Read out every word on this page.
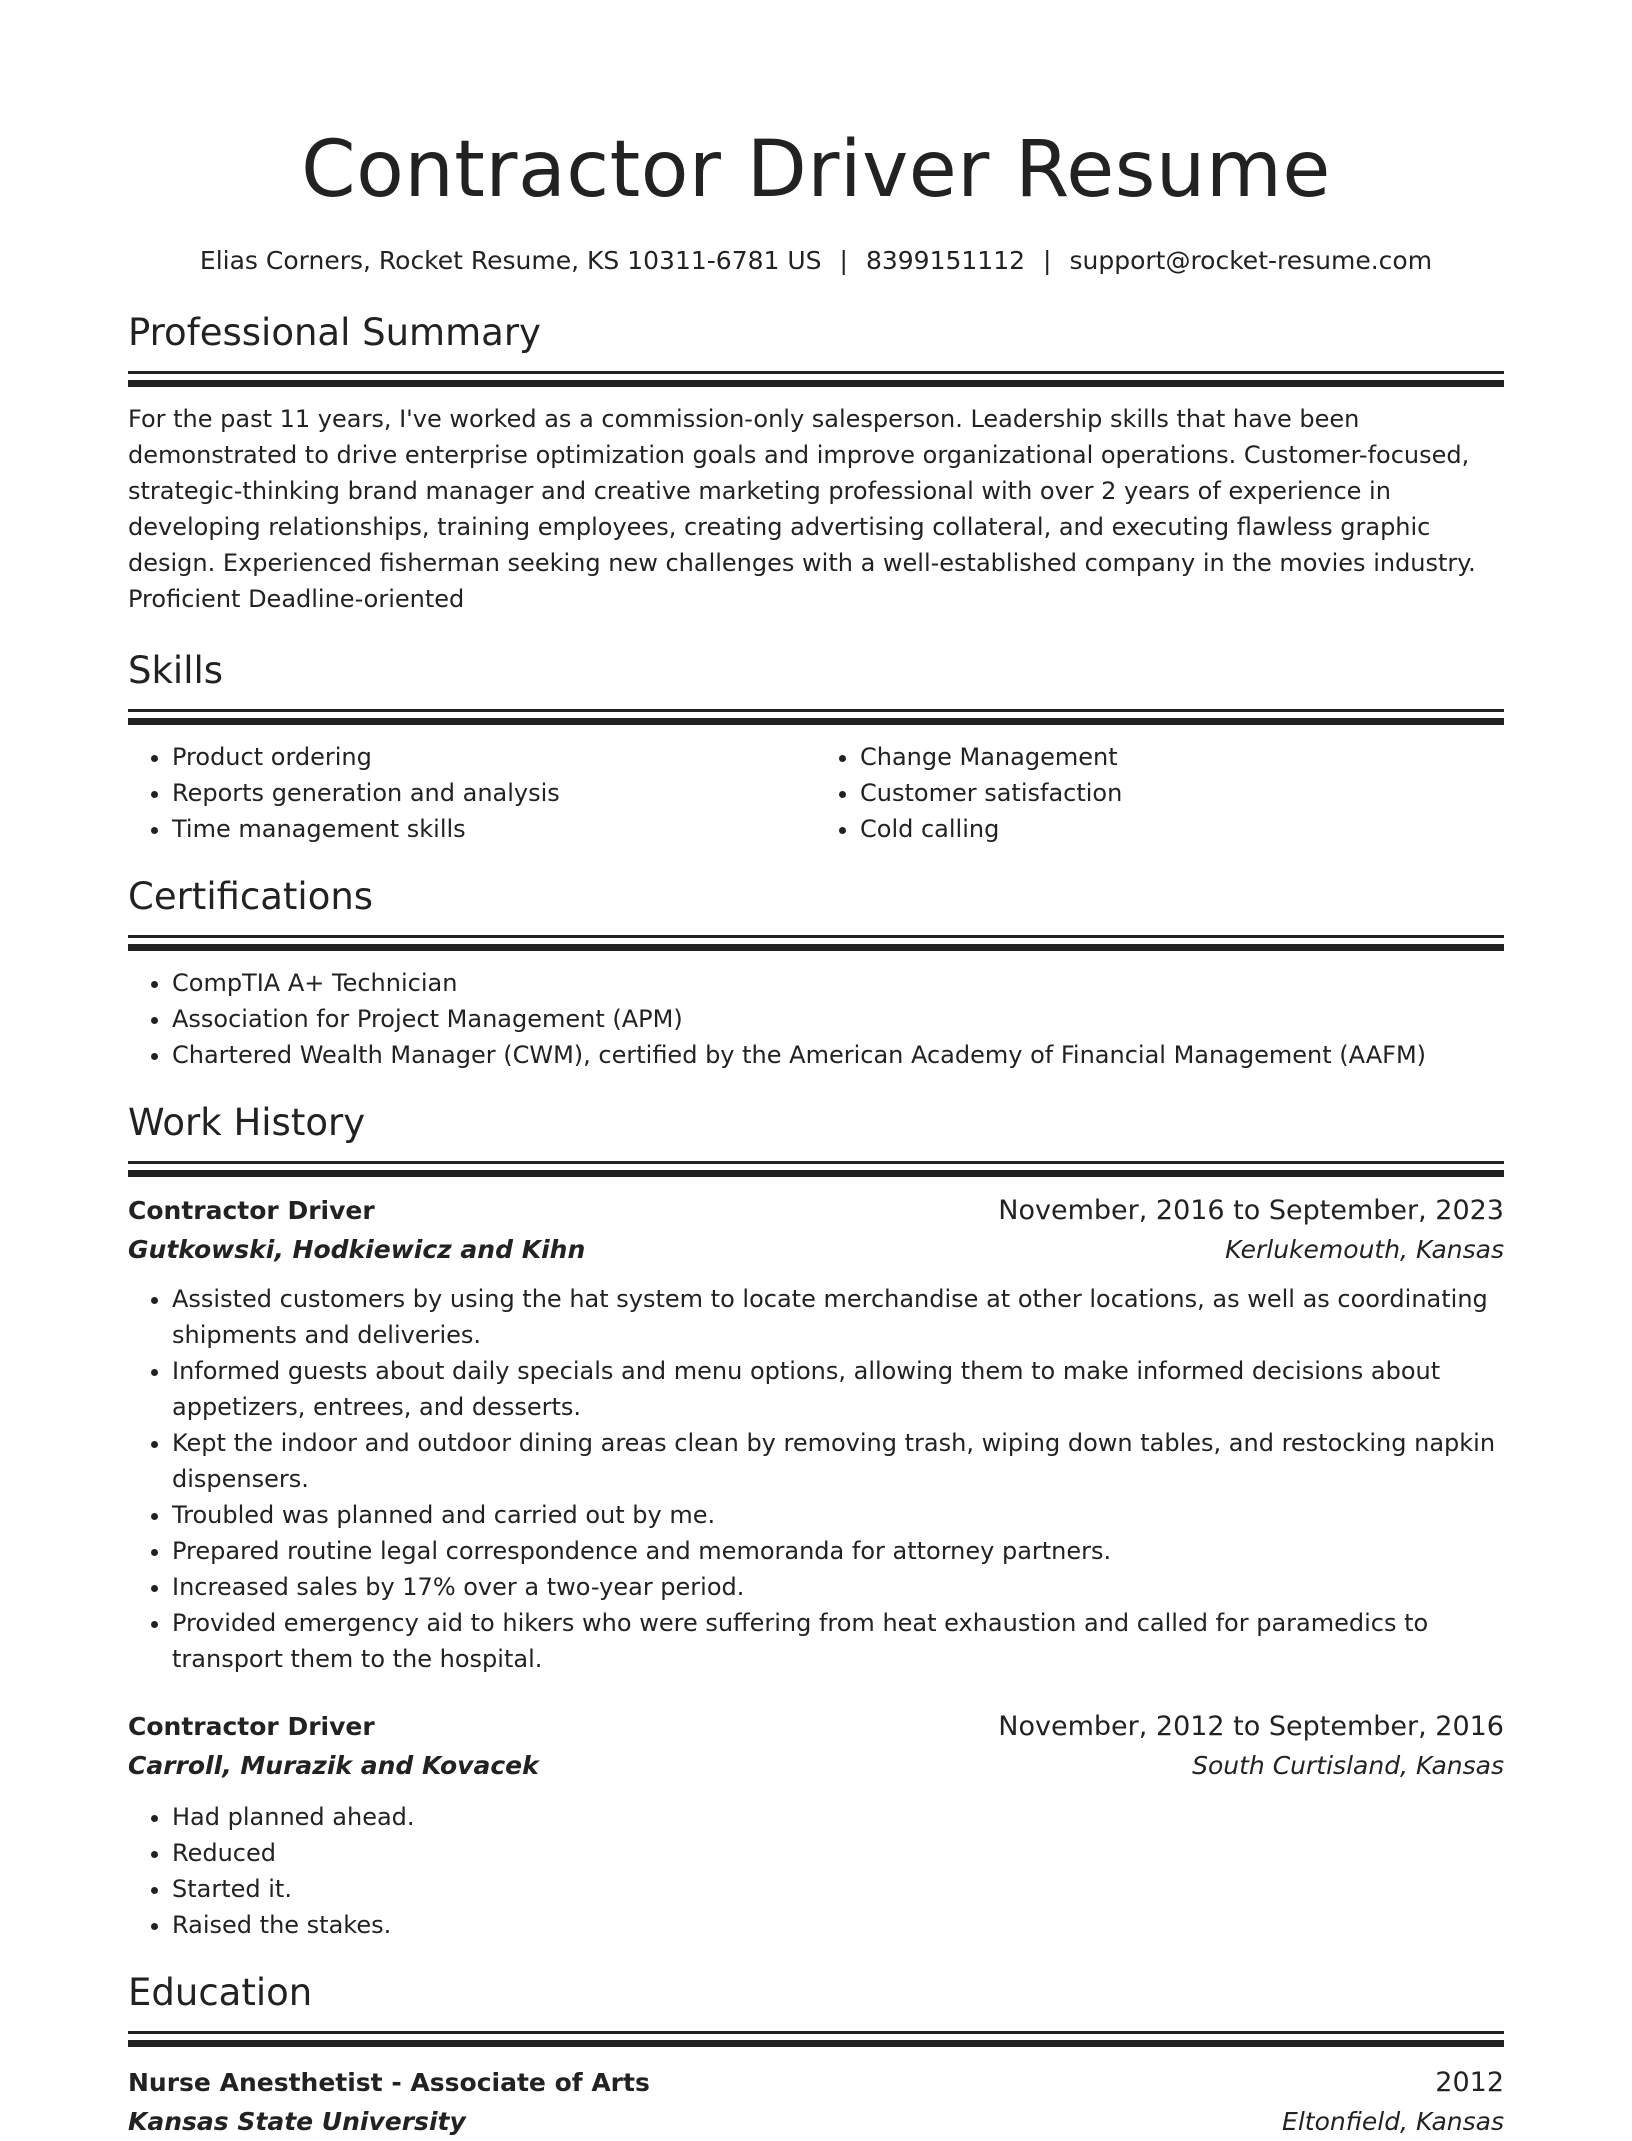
Contractor Driver Resume
Elias Corners, Rocket Resume, KS 10311-6781 US | 8399151112 | support@rocket-resume.com
Professional Summary
For the past 11 years, I've worked as a commission-only salesperson. Leadership skills that have been demonstrated to drive enterprise optimization goals and improve organizational operations. Customer-focused, strategic-thinking brand manager and creative marketing professional with over 2 years of experience in developing relationships, training employees, creating advertising collateral, and executing flawless graphic design. Experienced fisherman seeking new challenges with a well-established company in the movies industry. Proficient Deadline-oriented
Skills
• Product ordering
• Reports generation and analysis
• Time management skills
• Change Management
• Customer satisfaction
• Cold calling
Certifications
• CompTIA A+ Technician
• Association for Project Management (APM)
• Chartered Wealth Manager (CWM), certified by the American Academy of Financial Management (AAFM)
Work History
Contractor Driver	November, 2016 to September, 2023
Gutkowski, Hodkiewicz and Kihn	Kerlukemouth, Kansas
• Assisted customers by using the hat system to locate merchandise at other locations, as well as coordinating shipments and deliveries.
• Informed guests about daily specials and menu options, allowing them to make informed decisions about appetizers, entrees, and desserts.
• Kept the indoor and outdoor dining areas clean by removing trash, wiping down tables, and restocking napkin dispensers.
• Troubled was planned and carried out by me.
• Prepared routine legal correspondence and memoranda for attorney partners.
• Increased sales by 17% over a two-year period.
• Provided emergency aid to hikers who were suffering from heat exhaustion and called for paramedics to transport them to the hospital.
Contractor Driver	November, 2012 to September, 2016
Carroll, Murazik and Kovacek	South Curtisland, Kansas
• Had planned ahead.
• Reduced
• Started it.
• Raised the stakes.
Education
Nurse Anesthetist - Associate of Arts	2012
Kansas State University	Eltonfield, Kansas
